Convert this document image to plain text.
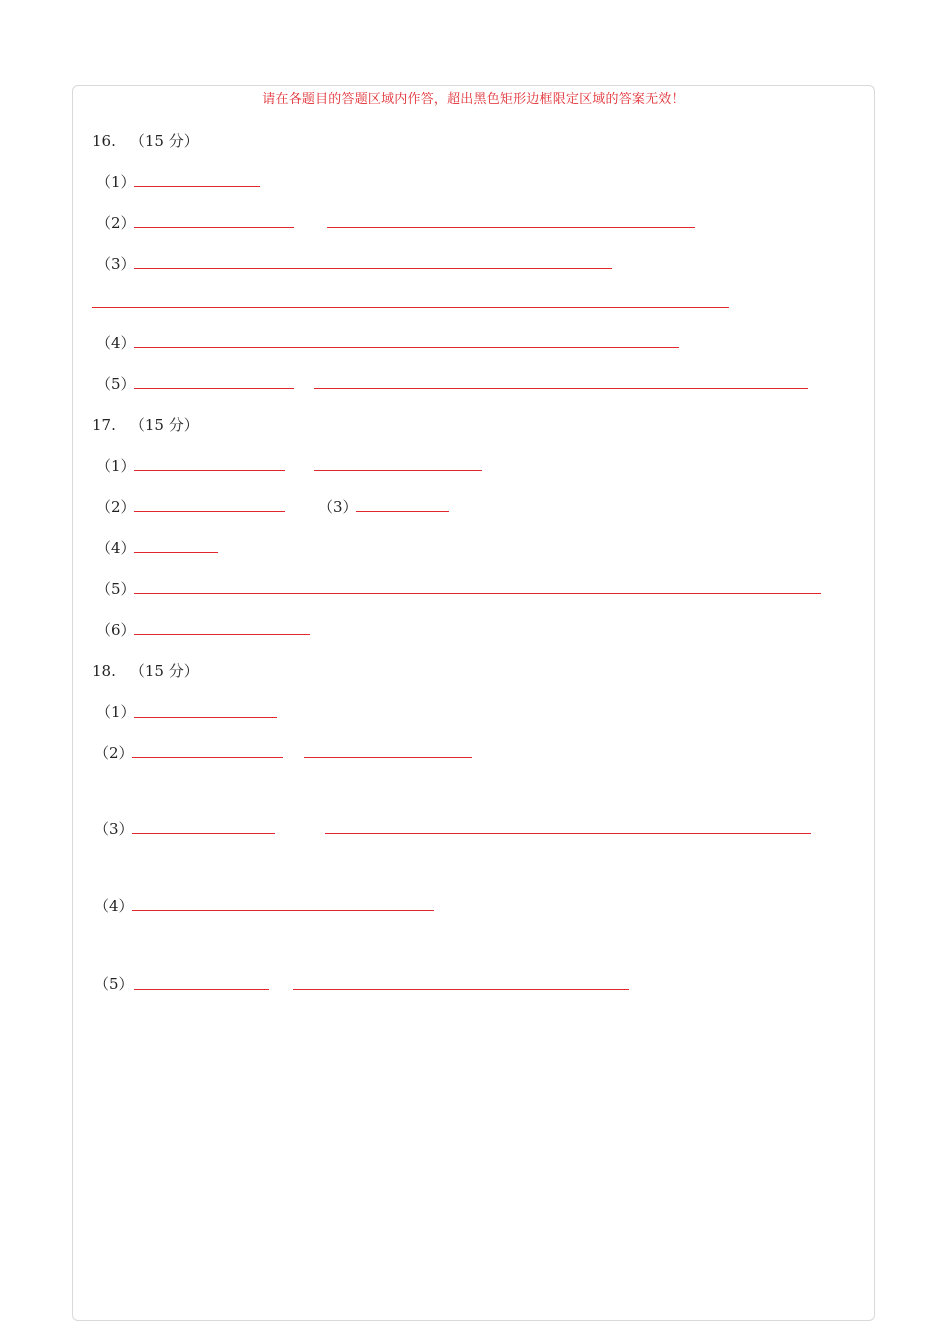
请在各题目的答题区域内作答，超出黑色矩形边框限定区域的答案无效！
16. （15 分）
（1）
（2）
（3）
（4）
（5）
17. （15 分）
（1）
（2）	（3）
（4）
（5）
（6）
18. （15 分）
（1）
（2）
（3）
（4）
（5）
